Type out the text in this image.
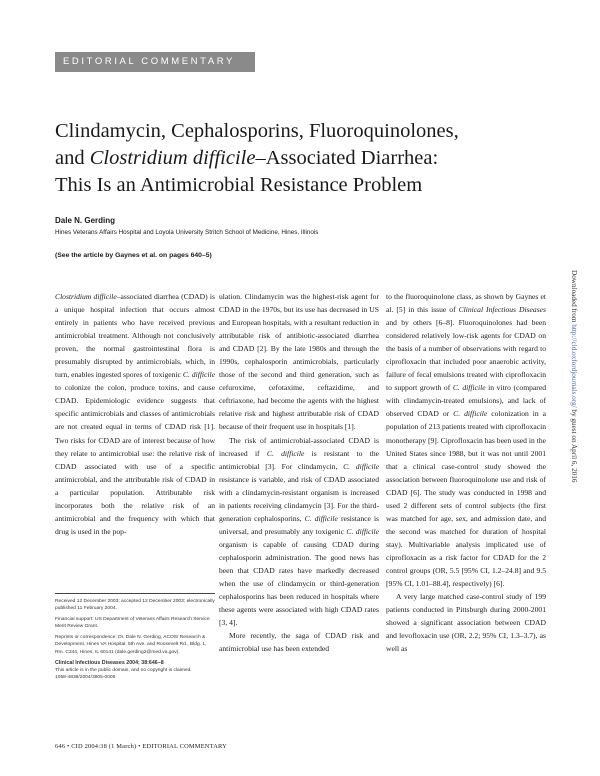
EDITORIAL COMMENTARY
Clindamycin, Cephalosporins, Fluoroquinolones,
and Clostridium difficile–Associated Diarrhea:
This Is an Antimicrobial Resistance Problem
Dale N. Gerding
Hines Veterans Affairs Hospital and Loyola University Stritch School of Medicine, Hines, Illinois
(See the article by Gaynes et al. on pages 640–5)

Clostridium difficile–associated diarrhea (CDAD) is a unique hospital infection that occurs almost entirely in patients who have received previous antimicrobial treatment. Although not conclusively proven, the normal gastrointestinal flora is presumably disrupted by antimicrobials, which, in turn, enables ingested spores of toxigenic C. difficile to colonize the colon, produce toxins, and cause CDAD. Epidemiologic evidence suggests that specific antimicrobials and classes of antimicrobials are not created equal in terms of CDAD risk [1]. Two risks for CDAD are of interest because of how they relate to antimicrobial use: the relative risk of CDAD associated with use of a specific antimicrobial, and the attributable risk of CDAD in a particular population. Attributable risk incorporates both the relative risk of an antimicrobial and the frequency with which that drug is used in the pop-

Received 12 December 2003; accepted 12 December 2003; electronically published 11 February 2004.

Financial support: US Department of Veterans Affairs Research Service Merit Review Grant.

Reprints or correspondence: Dr. Dale N. Gerding, ACOS/ Research & Development, Hines VA Hospital, 5th Ave. and Roosevelt Rd., Bldg. 1, Rm. C344, Hines, IL 60141 (dale.gerding2@med.va.gov).

Clinical Infectious Diseases 2004; 38:646–8

This article is in the public domain, and no copyright is claimed.

1058-4838/2004/3805-0006

ulation. Clindamycin was the highest-risk agent for CDAD in the 1970s, but its use has decreased in US and European hospitals, with a resultant reduction in attributable risk of antibiotic-associated diarrhea and CDAD [2]. By the late 1980s and through the 1990s, cephalosporin antimicrobials, particularly those of the second and third generation, such as cefuroxime, cefotaxime, ceftazidime, and ceftriaxone, had become the agents with the highest relative risk and highest attributable risk of CDAD because of their frequent use in hospitals [1].

The risk of antimicrobial-associated CDAD is increased if C. difficile is resistant to the antimicrobial [3]. For clindamycin, C. difficile resistance is variable, and risk of CDAD associated with a clindamycin-resistant organism is increased in patients receiving clindamycin [3]. For the third-generation cephalosporins, C. difficile resistance is universal, and presumably any toxigenic C. difficile organism is capable of causing CDAD during cephalosporin administration. The good news has been that CDAD rates have markedly decreased when the use of clindamycin or third-generation cephalosporins has been reduced in hospitals where these agents were associated with high CDAD rates [3, 4].

More recently, the saga of CDAD risk and antimicrobial use has been extended

to the fluoroquinolone class, as shown by Gaynes et al. [5] in this issue of Clinical Infectious Diseases and by others [6–8]. Fluoroquinolones had been considered relatively low-risk agents for CDAD on the basis of a number of observations with regard to ciprofloxacin that included poor anaerobic activity, failure of fecal emulsions treated with ciprofloxacin to support growth of C. difficile in vitro (compared with clindamycin-treated emulsions), and lack of observed CDAD or C. difficile colonization in a population of 213 patients treated with ciprofloxacin monotherapy [9]. Ciprofloxacin has been used in the United States since 1988, but it was not until 2001 that a clinical case-control study showed the association between fluoroquinolone use and risk of CDAD [6]. The study was conducted in 1998 and used 2 different sets of control subjects (the first was matched for age, sex, and admission date, and the second was matched for duration of hospital stay). Multivariable analysis implicated use of ciprofloxacin as a risk factor for CDAD for the 2 control groups (OR, 5.5 [95% CI, 1.2–24.8] and 9.5 [95% CI, 1.01–88.4], respectively) [6].

A very large matched case-control study of 199 patients conducted in Pittsburgh during 2000-2001 showed a significant association between CDAD and levofloxacin use (OR, 2.2; 95% CI, 1.3–3.7), as well as

646 • CID 2004:38 (1 March) • EDITORIAL COMMENTARY
Downloaded from http://cid.oxfordjournals.org/ by guest on April 6, 2016
